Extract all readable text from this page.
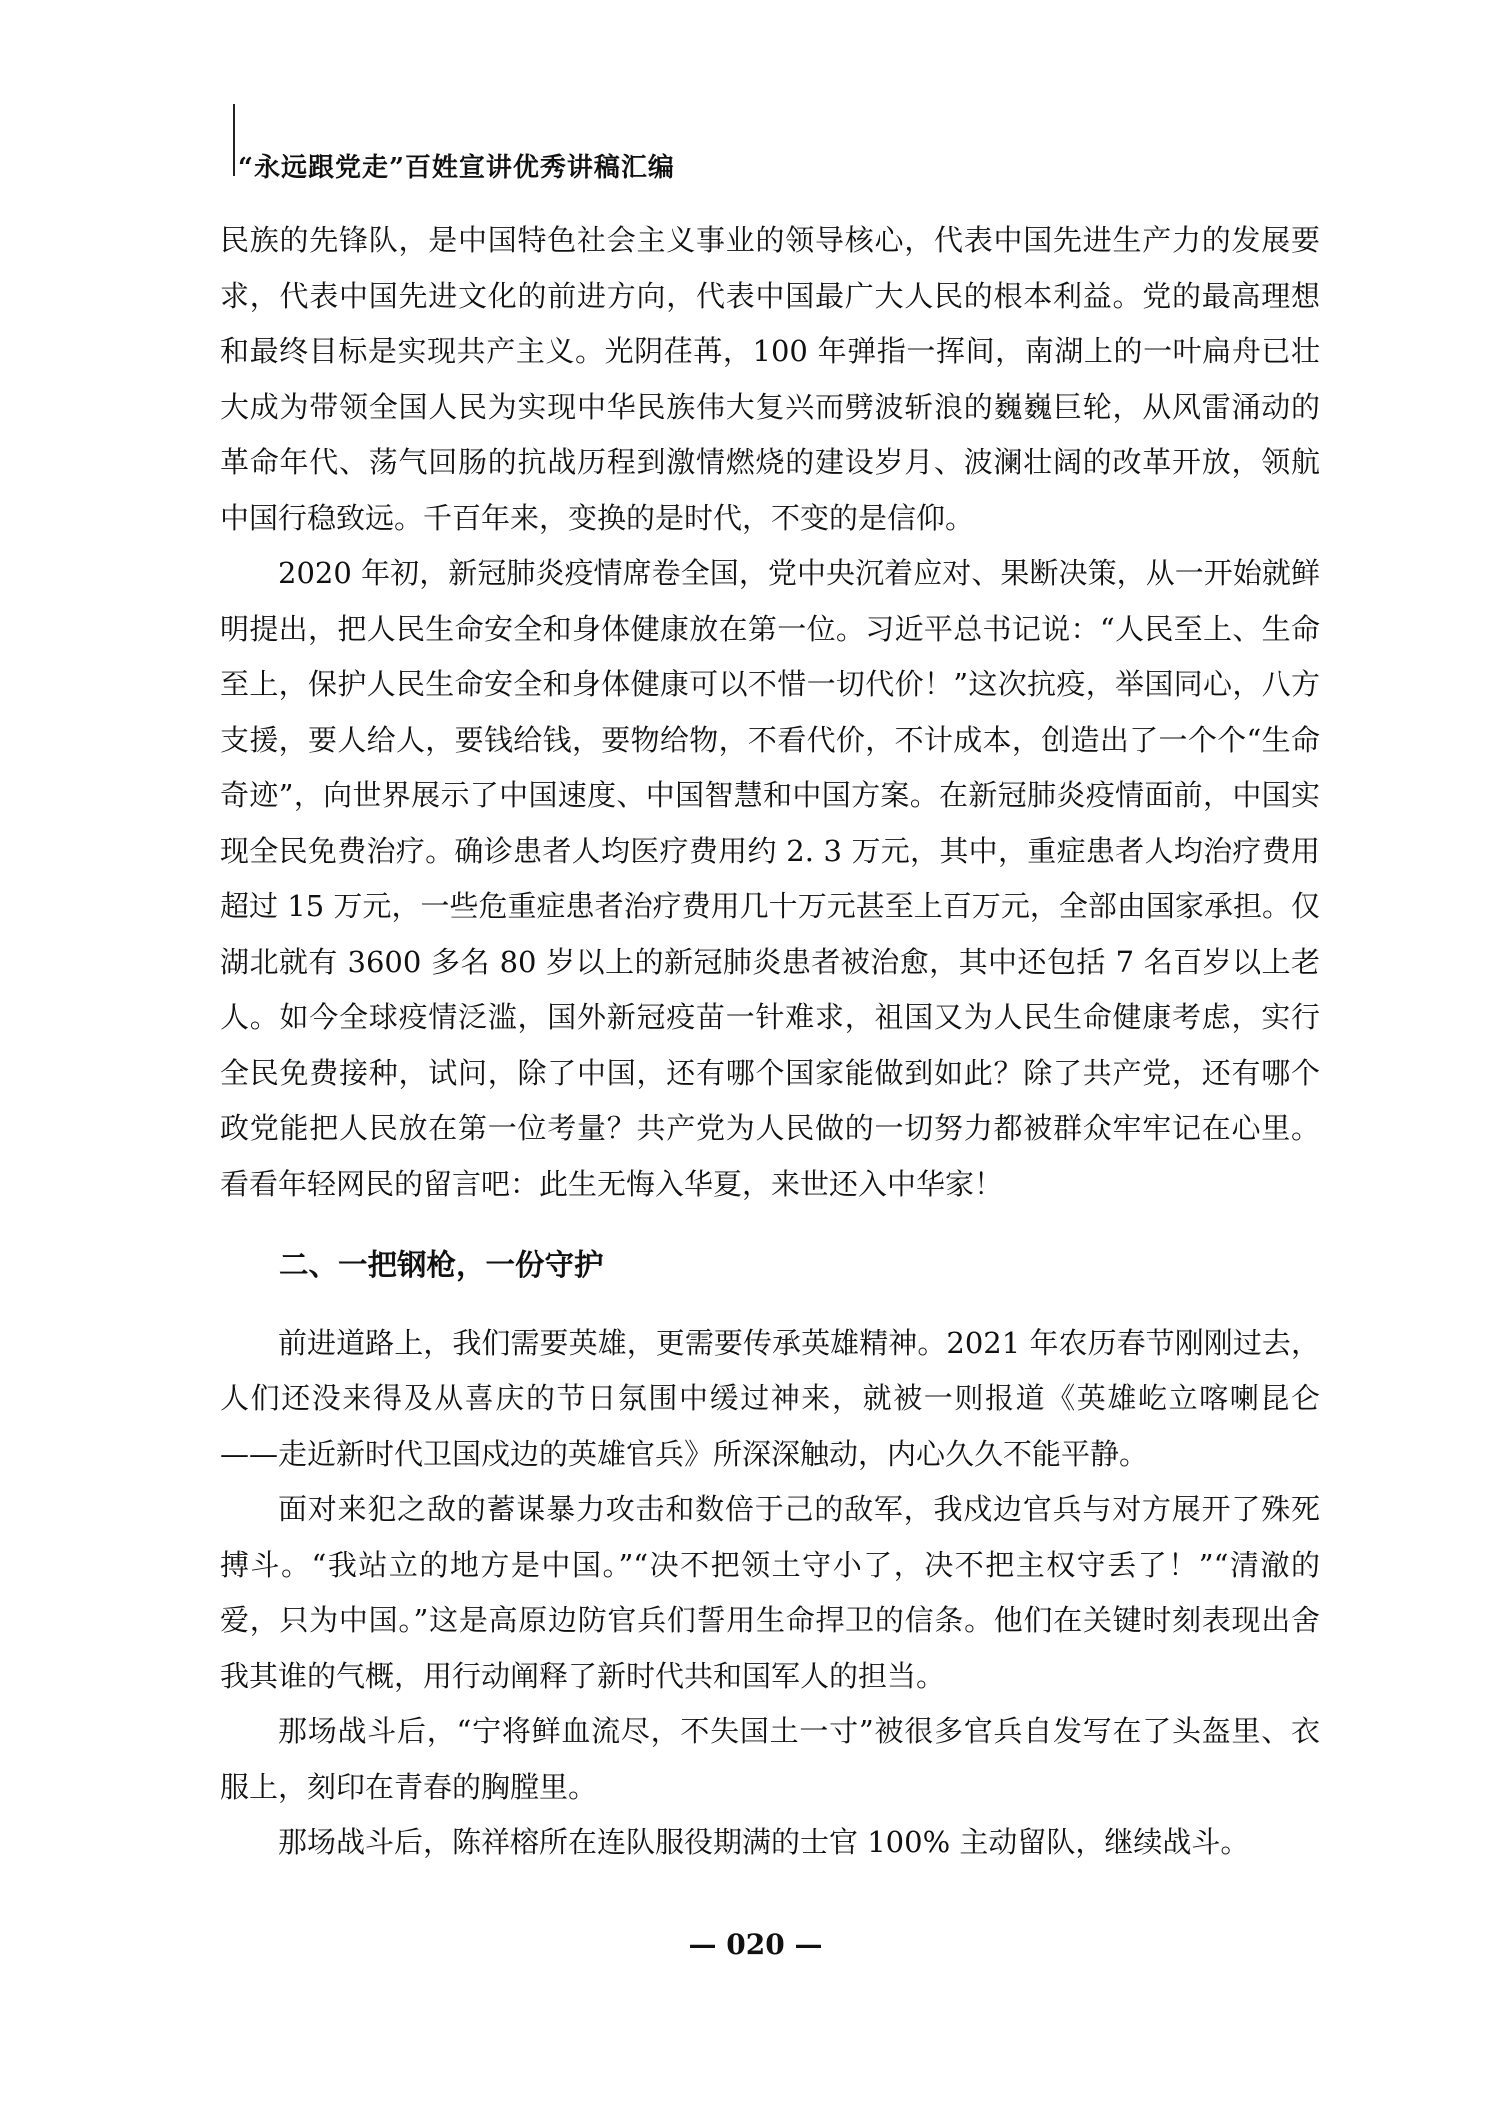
“永远跟党走”百姓宣讲优秀讲稿汇编

民族的先锋队，是中国特色社会主义事业的领导核心，代表中国先进生产力的发展要求，代表中国先进文化的前进方向，代表中国最广大人民的根本利益。党的最高理想和最终目标是实现共产主义。光阴荏苒，100 年弹指一挥间，南湖上的一叶扁舟已壮大成为带领全国人民为实现中华民族伟大复兴而劈波斩浪的巍巍巨轮，从风雷涌动的革命年代、荡气回肠的抗战历程到激情燃烧的建设岁月、波澜壮阔的改革开放，领航中国行稳致远。千百年来，变换的是时代，不变的是信仰。

2020 年初，新冠肺炎疫情席卷全国，党中央沉着应对、果断决策，从一开始就鲜明提出，把人民生命安全和身体健康放在第一位。习近平总书记说：“人民至上、生命至上，保护人民生命安全和身体健康可以不惜一切代价！”这次抗疫，举国同心，八方支援，要人给人，要钱给钱，要物给物，不看代价，不计成本，创造出了一个个“生命奇迹”，向世界展示了中国速度、中国智慧和中国方案。在新冠肺炎疫情面前，中国实现全民免费治疗。确诊患者人均医疗费用约 2. 3 万元，其中，重症患者人均治疗费用超过 15 万元，一些危重症患者治疗费用几十万元甚至上百万元，全部由国家承担。仅湖北就有 3600 多名 80 岁以上的新冠肺炎患者被治愈，其中还包括 7 名百岁以上老人。如今全球疫情泛滥，国外新冠疫苗一针难求，祖国又为人民生命健康考虑，实行全民免费接种，试问，除了中国，还有哪个国家能做到如此？除了共产党，还有哪个政党能把人民放在第一位考量？共产党为人民做的一切努力都被群众牢牢记在心里。看看年轻网民的留言吧：此生无悔入华夏，来世还入中华家！

二、一把钢枪，一份守护

前进道路上，我们需要英雄，更需要传承英雄精神。2021 年农历春节刚刚过去，人们还没来得及从喜庆的节日氛围中缓过神来，就被一则报道《英雄屹立喀喇昆仑——走近新时代卫国戍边的英雄官兵》所深深触动，内心久久不能平静。

面对来犯之敌的蓄谋暴力攻击和数倍于己的敌军，我戍边官兵与对方展开了殊死搏斗。“我站立的地方是中国。”“决不把领土守小了，决不把主权守丢了！”“清澈的爱，只为中国。”这是高原边防官兵们誓用生命捍卫的信条。他们在关键时刻表现出舍我其谁的气概，用行动阐释了新时代共和国军人的担当。

那场战斗后，“宁将鲜血流尽，不失国土一寸”被很多官兵自发写在了头盔里、衣服上，刻印在青春的胸膛里。

那场战斗后，陈祥榕所在连队服役期满的士官 100% 主动留队，继续战斗。

— 020 —
